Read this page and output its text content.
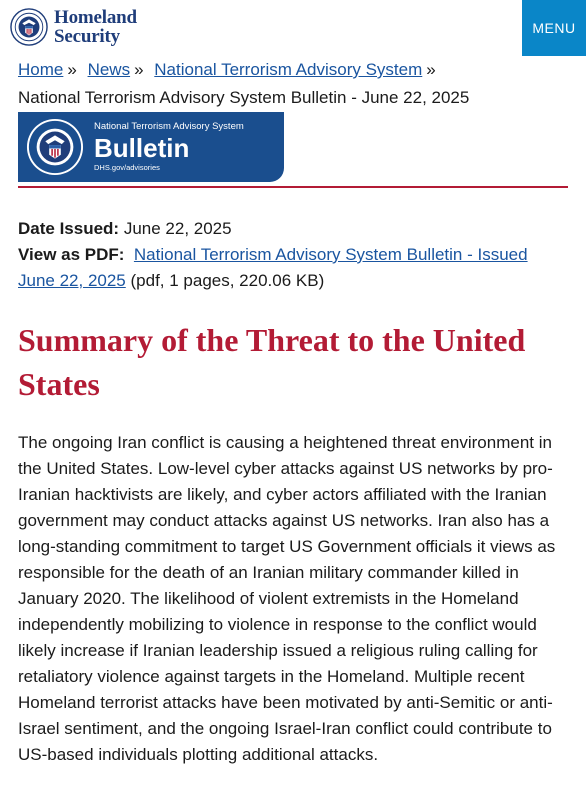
Homeland
Security	MENU
Home » News » National Terrorism Advisory System »
National Terrorism Advisory System Bulletin - June 22, 2025
National Terrorism Advisory System
Bulletin
DHS.gov/advisories
Date Issued: June 22, 2025
View as PDF: National Terrorism Advisory System Bulletin - Issued June 22, 2025 (pdf, 1 pages, 220.06 KB)
Summary of the Threat to the United States

The ongoing Iran conflict is causing a heightened threat environment in the United States. Low-level cyber attacks against US networks by pro-Iranian hacktivists are likely, and cyber actors affiliated with the Iranian government may conduct attacks against US networks. Iran also has a long-standing commitment to target US Government officials it views as responsible for the death of an Iranian military commander killed in January 2020. The likelihood of violent extremists in the Homeland independently mobilizing to violence in response to the conflict would likely increase if Iranian leadership issued a religious ruling calling for retaliatory violence against targets in the Homeland. Multiple recent Homeland terrorist attacks have been motivated by anti-Semitic or anti-Israel sentiment, and the ongoing Israel-Iran conflict could contribute to US-based individuals plotting additional attacks.
